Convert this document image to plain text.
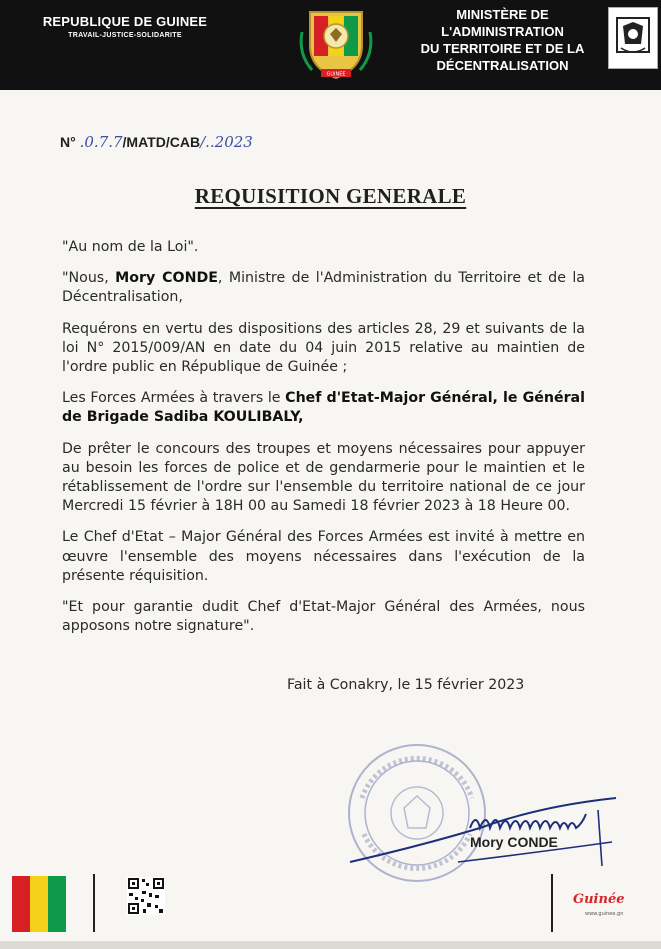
REPUBLIQUE DE GUINEE
TRAVAIL-JUSTICE-SOLIDARITE
GUINEE
MINISTÈRE DE L'ADMINISTRATION
DU TERRITOIRE ET DE LA
DÉCENTRALISATION
N° .0.7.7/MATD/CAB/..2023
REQUISITION GENERALE

"Au nom de la Loi".

"Nous, Mory CONDE, Ministre de l'Administration du Territoire et de la Décentralisation,

Requérons en vertu des dispositions des articles 28, 29 et suivants de la loi N° 2015/009/AN en date du 04 juin 2015 relative au maintien de l'ordre public en République de Guinée ;

Les Forces Armées à travers le Chef d'Etat-Major Général, le Général de Brigade Sadiba KOULIBALY,

De prêter le concours des troupes et moyens nécessaires pour appuyer au besoin les forces de police et de gendarmerie pour le maintien et le rétablissement de l'ordre sur l'ensemble du territoire national de ce jour Mercredi 15 février à 18H 00 au Samedi 18 février 2023 à 18 Heure 00.

Le Chef d'Etat – Major Général des Forces Armées est invité à mettre en œuvre l'ensemble des moyens nécessaires dans l'exécution de la présente réquisition.

"Et pour garantie dudit Chef d'Etat-Major Général des Armées, nous apposons notre signature".

Fait à Conakry, le 15 février 2023
Mory CONDE
Guinée
www.guinee.gn
